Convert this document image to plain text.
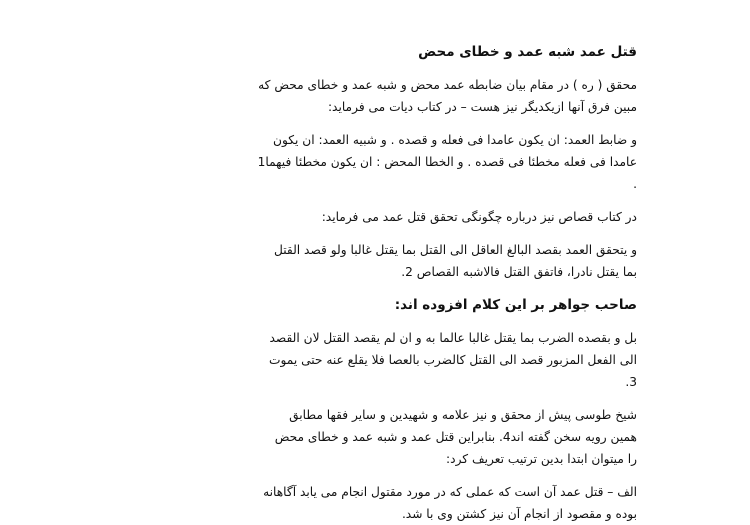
قتل عمد شبه عمد و خطای محض

محقق ( ره ) در مقام بیان ضابطه عمد محض و شبه عمد و خطای محض که
مبین فرق آنها ازیکدیگر نیز هست – در کتاب دیات می فرماید:

و ضابط العمد: ان یکون عامدا فی فعله و قصده . و شبیه العمد: ان یکون
عامدا فی فعله مخطئا فی قصده . و الخطا المحض : ان یکون مخطئا فیهما1
.

در کتاب قصاص نیز درباره چگونگی تحقق قتل عمد می فرماید:

و یتحقق العمد بقصد البالغ العاقل الی القتل بما یقتل غالبا ولو قصد القتل
بما یقتل نادرا، فاتفق القتل فالاشبه القصاص 2.

صاحب جواهر بر این کلام افزوده اند:

بل و بقصده الضرب بما یقتل غالبا عالما به و ان لم یقصد القتل لان القصد
الی الفعل المزبور قصد الی القتل کالضرب بالعصا فلا یقلع عنه حتی یموت
3.

شیخ طوسی پیش از محقق و نیز علامه و شهیدین و سایر فقها مطابق
همین رویه سخن گفته اند4. بنابراین قتل عمد و شبه عمد و خطای محض
را میتوان ابتدا بدین ترتیب تعریف کرد:

الف – قتل عمد آن است که عملی که در مورد مقتول انجام می یابد آگاهانه
بوده و مقصود از انجام آن نیز کشتن وی با شد.
